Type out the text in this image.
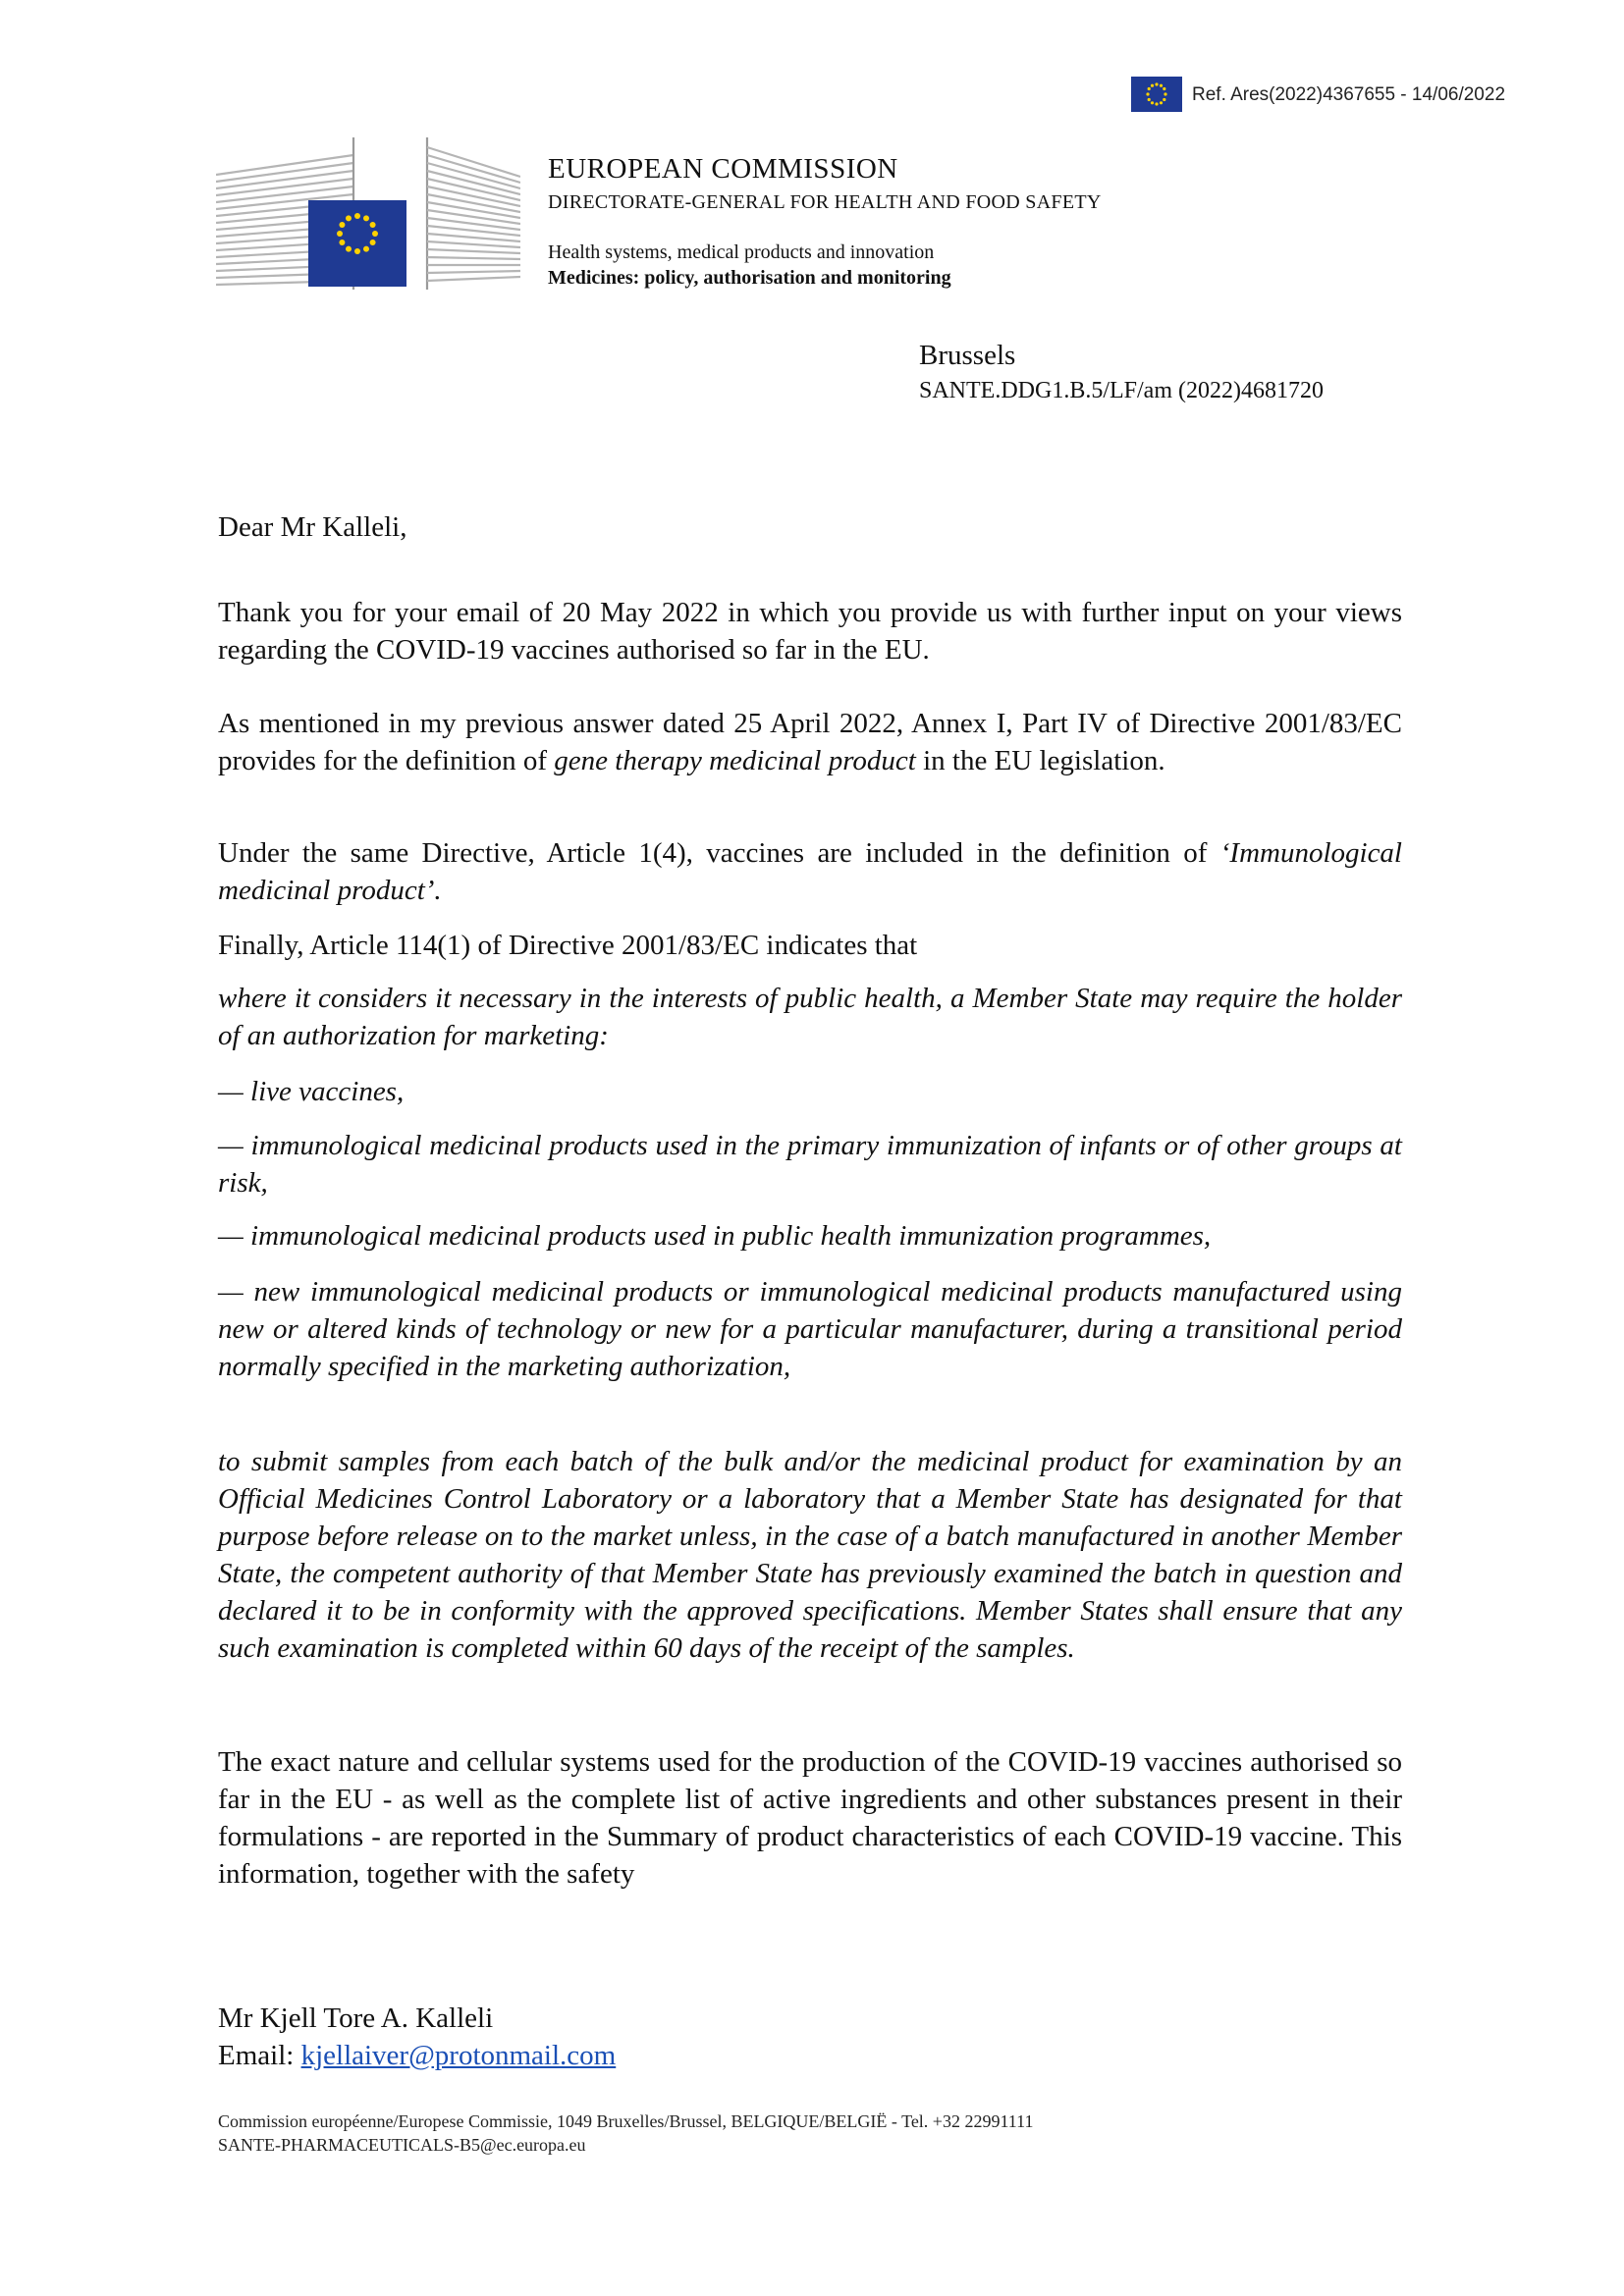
Ref. Ares(2022)4367655 - 14/06/2022
EUROPEAN COMMISSION
DIRECTORATE-GENERAL FOR HEALTH AND FOOD SAFETY
Health systems, medical products and innovation
Medicines: policy, authorisation and monitoring
Brussels
SANTE.DDG1.B.5/LF/am (2022)4681720

Dear Mr Kalleli,

Thank you for your email of 20 May 2022 in which you provide us with further input on your views regarding the COVID-19 vaccines authorised so far in the EU.

As mentioned in my previous answer dated 25 April 2022, Annex I, Part IV of Directive 2001/83/EC provides for the definition of gene therapy medicinal product in the EU legislation.

Under the same Directive, Article 1(4), vaccines are included in the definition of ‘Immunological medicinal product’.

Finally, Article 114(1) of Directive 2001/83/EC indicates that

where it considers it necessary in the interests of public health, a Member State may require the holder of an authorization for marketing:

— live vaccines,

— immunological medicinal products used in the primary immunization of infants or of other groups at risk,

— immunological medicinal products used in public health immunization programmes,

— new immunological medicinal products or immunological medicinal products manufactured using new or altered kinds of technology or new for a particular manufacturer, during a transitional period normally specified in the marketing authorization,

to submit samples from each batch of the bulk and/or the medicinal product for examination by an Official Medicines Control Laboratory or a laboratory that a Member State has designated for that purpose before release on to the market unless, in the case of a batch manufactured in another Member State, the competent authority of that Member State has previously examined the batch in question and declared it to be in conformity with the approved specifications. Member States shall ensure that any such examination is completed within 60 days of the receipt of the samples.

The exact nature and cellular systems used for the production of the COVID-19 vaccines authorised so far in the EU - as well as the complete list of active ingredients and other substances present in their formulations - are reported in the Summary of product characteristics of each COVID-19 vaccine. This information, together with the safety

Mr Kjell Tore A. Kalleli
Email: kjellaiver@protonmail.com
Commission européenne/Europese Commissie, 1049 Bruxelles/Brussel, BELGIQUE/BELGIË - Tel. +32 22991111
SANTE-PHARMACEUTICALS-B5@ec.europa.eu
